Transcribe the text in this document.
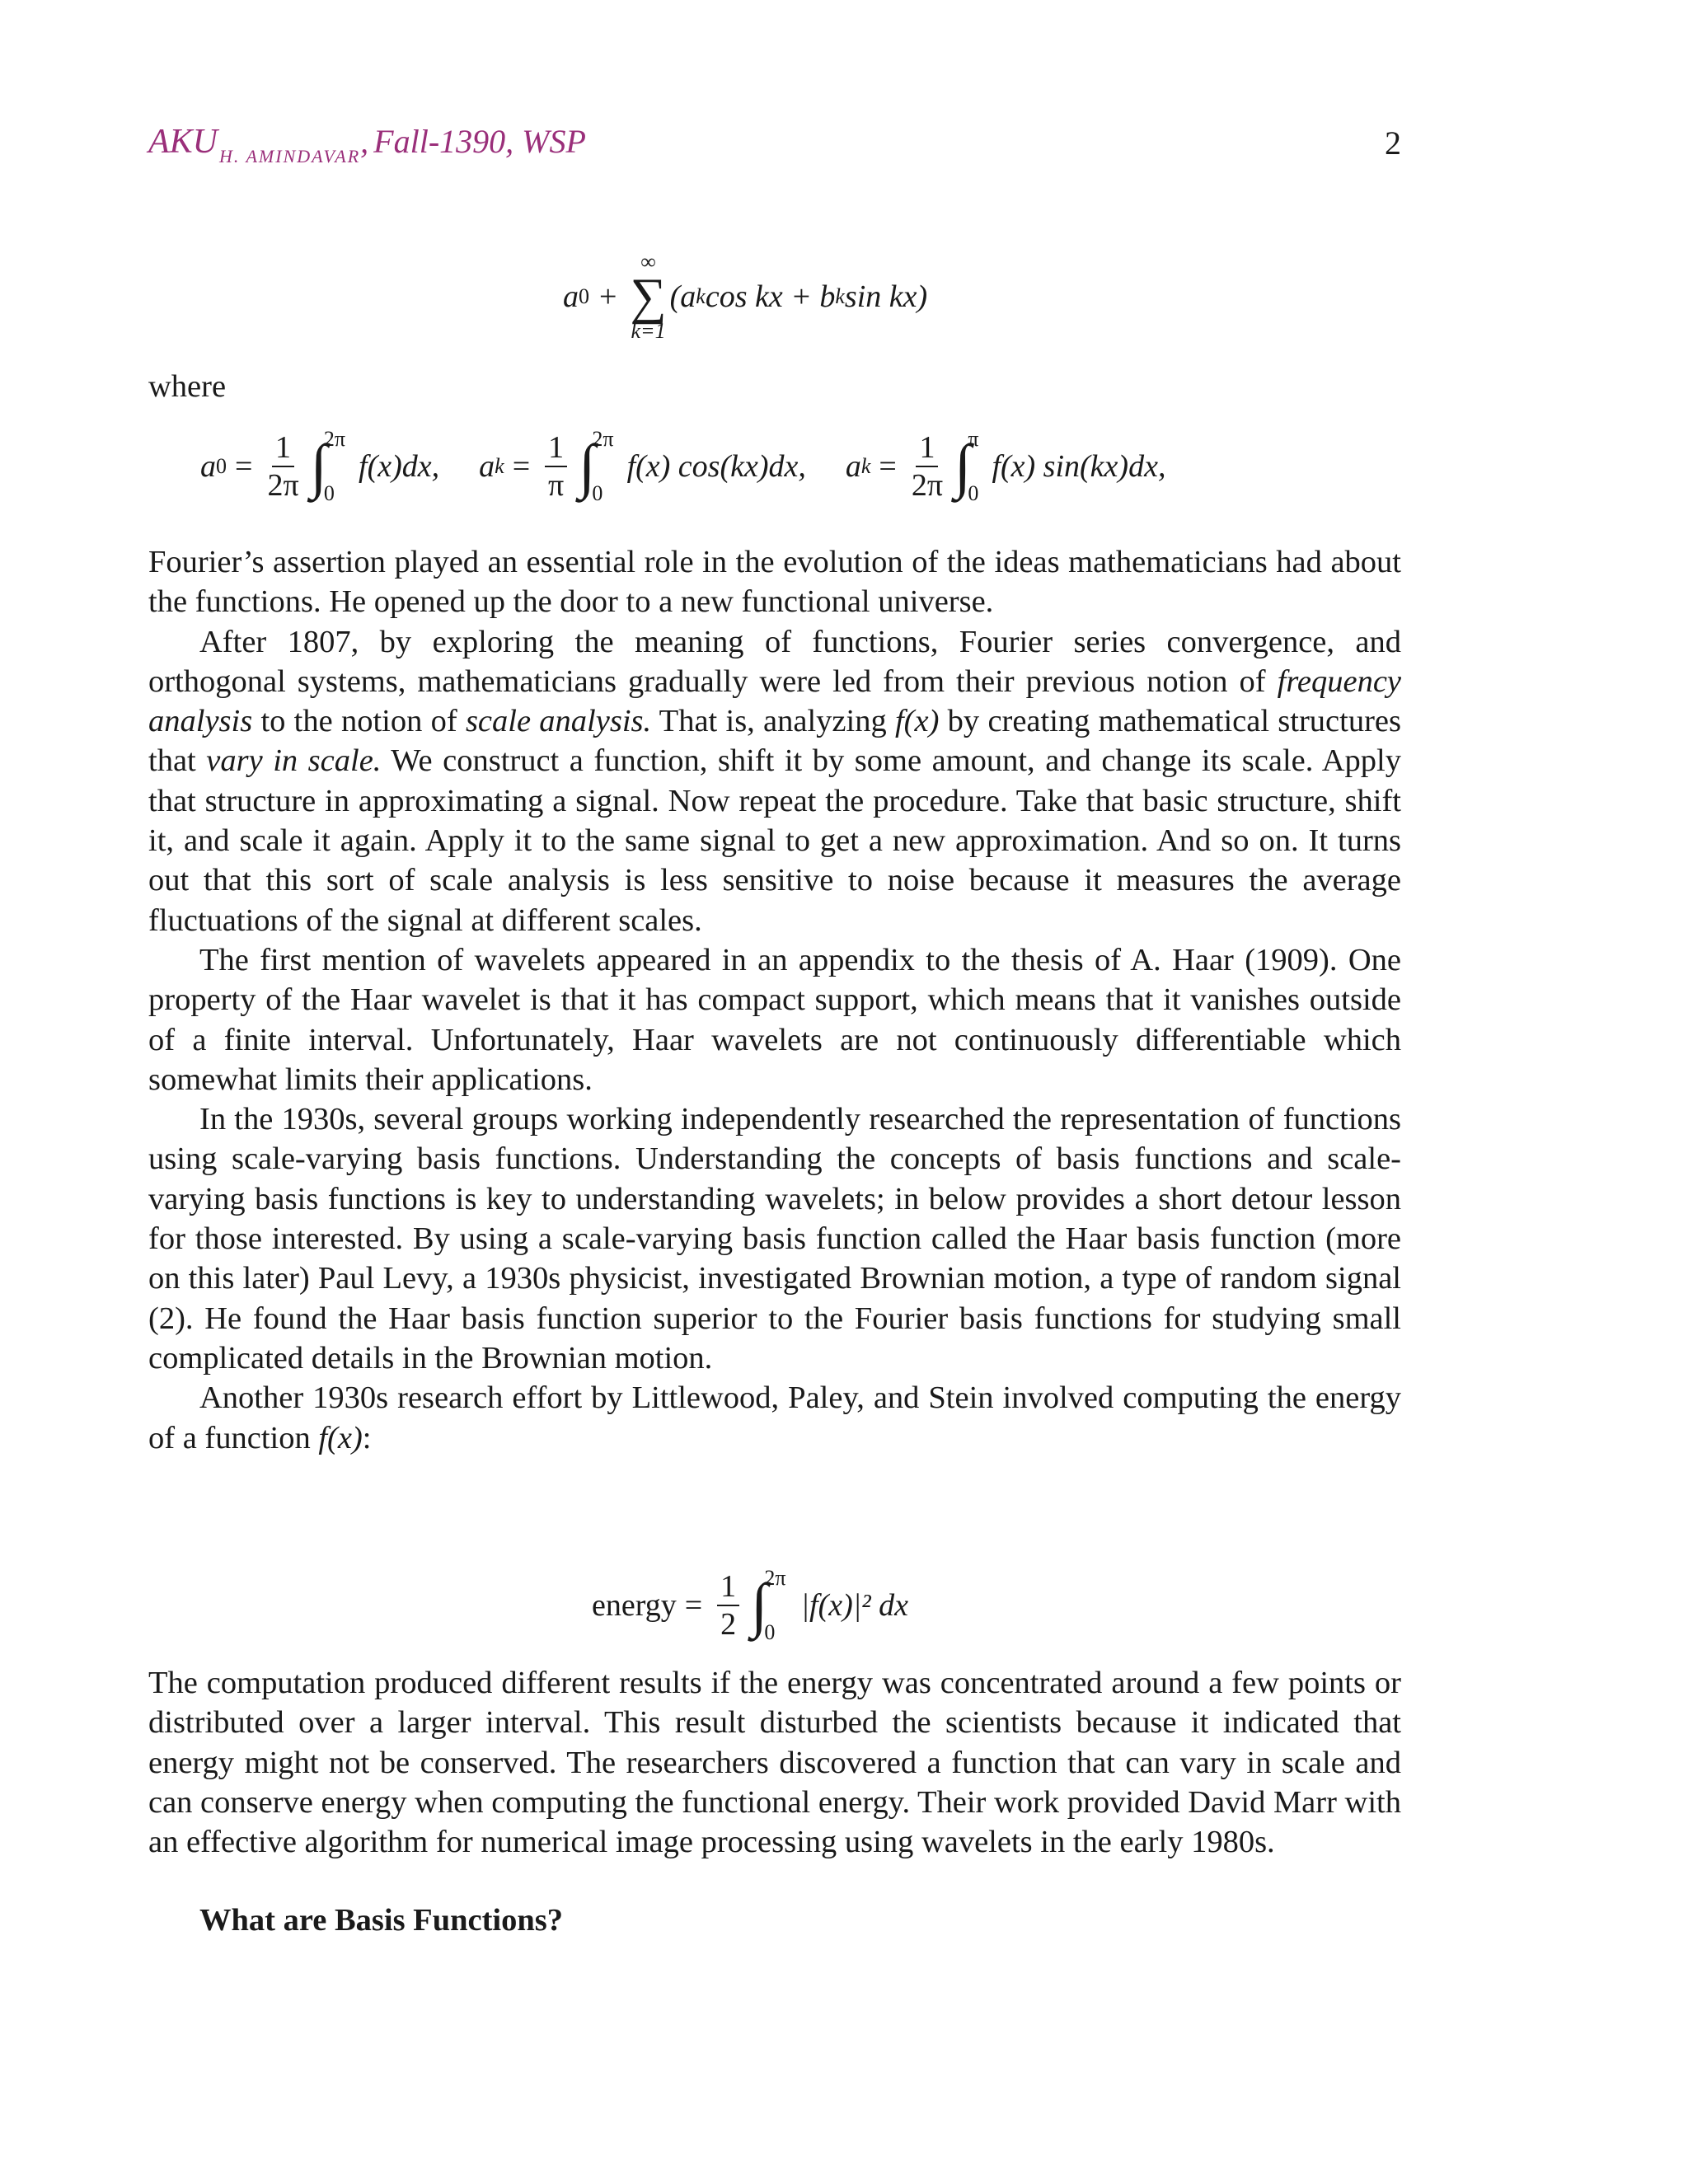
$AKU_{H. AMINDAVAR}$, Fall-1390, WSP	2
a 0 +
∞
∑
k=1
(a k cos kx + b k sin kx)
where
a $0 = \frac{1}{2\pi}$ ∫
2π
0
f(x)dx, a $k = \frac{1}{\pi}$ ∫
2π
0
f(x) cos(kx)dx, a $k = \frac{1}{2\pi}$ ∫
π
0
f(x) sin(kx)dx,

Fourier’s assertion played an essential role in the evolution of the ideas mathematicians had about the functions. He opened up the door to a new functional universe.

After 1807, by exploring the meaning of functions, Fourier series convergence, and orthogonal systems, mathematicians gradually were led from their previous notion of frequency analysis to the notion of scale analysis. That is, analyzing f(x) by creating mathematical structures that vary in scale. We construct a function, shift it by some amount, and change its scale. Apply that structure in approximating a signal. Now repeat the procedure. Take that basic structure, shift it, and scale it again. Apply it to the same signal to get a new approximation. And so on. It turns out that this sort of scale analysis is less sensitive to noise because it measures the average fluctuations of the signal at different scales.

The first mention of wavelets appeared in an appendix to the thesis of A. Haar (1909). One property of the Haar wavelet is that it has compact support, which means that it vanishes outside of a finite interval. Unfortunately, Haar wavelets are not continuously differentiable which somewhat limits their applications.

In the 1930s, several groups working independently researched the representation of functions using scale-varying basis functions. Understanding the concepts of basis functions and scale-varying basis functions is key to understanding wavelets; in below provides a short detour lesson for those interested. By using a scale-varying basis function called the Haar basis function (more on this later) Paul Levy, a 1930s physicist, investigated Brownian motion, a type of random signal (2). He found the Haar basis function superior to the Fourier basis functions for studying small complicated details in the Brownian motion.

Another 1930s research effort by Littlewood, Paley, and Stein involved computing the energy of a function f(x):

energy = $\frac{1}{2}$ ∫
2π
0
|f(x)|² dx

The computation produced different results if the energy was concentrated around a few points or distributed over a larger interval. This result disturbed the scientists because it indicated that energy might not be conserved. The researchers discovered a function that can vary in scale and can conserve energy when computing the functional energy. Their work provided David Marr with an effective algorithm for numerical image processing using wavelets in the early 1980s.

What are Basis Functions?
